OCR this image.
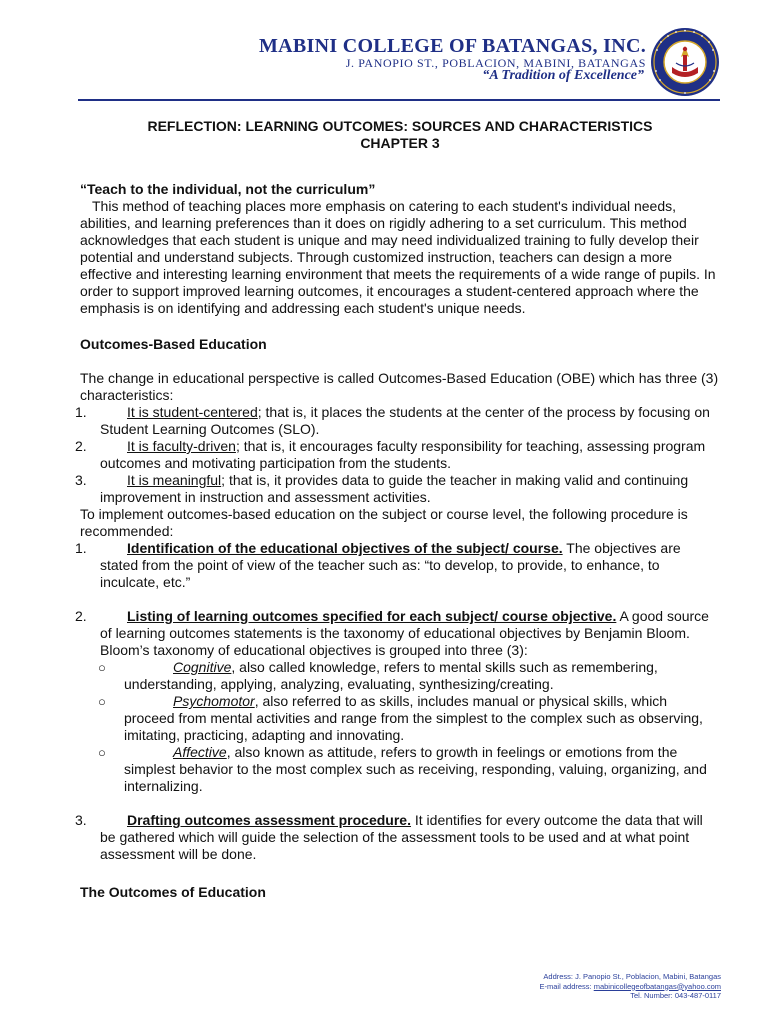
MABINI COLLEGE OF BATANGAS, INC.
J. PANOPIO ST., POBLACION, MABINI, BATANGAS
“A Tradition of Excellence”
REFLECTION: LEARNING OUTCOMES: SOURCES AND CHARACTERISTICS
CHAPTER 3

“Teach to the individual, not the curriculum”

This method of teaching places more emphasis on catering to each student's individual needs, abilities, and learning preferences than it does on rigidly adhering to a set curriculum. This method acknowledges that each student is unique and may need individualized training to fully develop their potential and understand subjects. Through customized instruction, teachers can design a more effective and interesting learning environment that meets the requirements of a wide range of pupils. In order to support improved learning outcomes, it encourages a student-centered approach where the emphasis is on identifying and addressing each student's unique needs.

Outcomes-Based Education

The change in educational perspective is called Outcomes-Based Education (OBE) which has three (3) characteristics:

1.	It is student-centered; that is, it places the students at the center of the process by focusing on Student Learning Outcomes (SLO).
2.	It is faculty-driven; that is, it encourages faculty responsibility for teaching, assessing program outcomes and motivating participation from the students.
3.	It is meaningful; that is, it provides data to guide the teacher in making valid and continuing improvement in instruction and assessment activities.

To implement outcomes-based education on the subject or course level, the following procedure is recommended:

1.	Identification of the educational objectives of the subject/ course. The objectives are stated from the point of view of the teacher such as: “to develop, to provide, to enhance, to inculcate, etc.”
2.	Listing of learning outcomes specified for each subject/ course objective. A good source of learning outcomes statements is the taxonomy of educational objectives by Benjamin Bloom. Bloom’s taxonomy of educational objectives is grouped into three (3):
○	Cognitive, also called knowledge, refers to mental skills such as remembering, understanding, applying, analyzing, evaluating, synthesizing/creating.
○	Psychomotor, also referred to as skills, includes manual or physical skills, which proceed from mental activities and range from the simplest to the complex such as observing, imitating, practicing, adapting and innovating.
○	Affective, also known as attitude, refers to growth in feelings or emotions from the simplest behavior to the most complex such as receiving, responding, valuing, organizing, and internalizing.
3.	Drafting outcomes assessment procedure. It identifies for every outcome the data that will be gathered which will guide the selection of the assessment tools to be used and at what point assessment will be done.

The Outcomes of Education

Address: J. Panopio St., Poblacion, Mabini, Batangas
E-mail address: mabinicollegeofbatangas@yahoo.com
Tel. Number: 043-487-0117
